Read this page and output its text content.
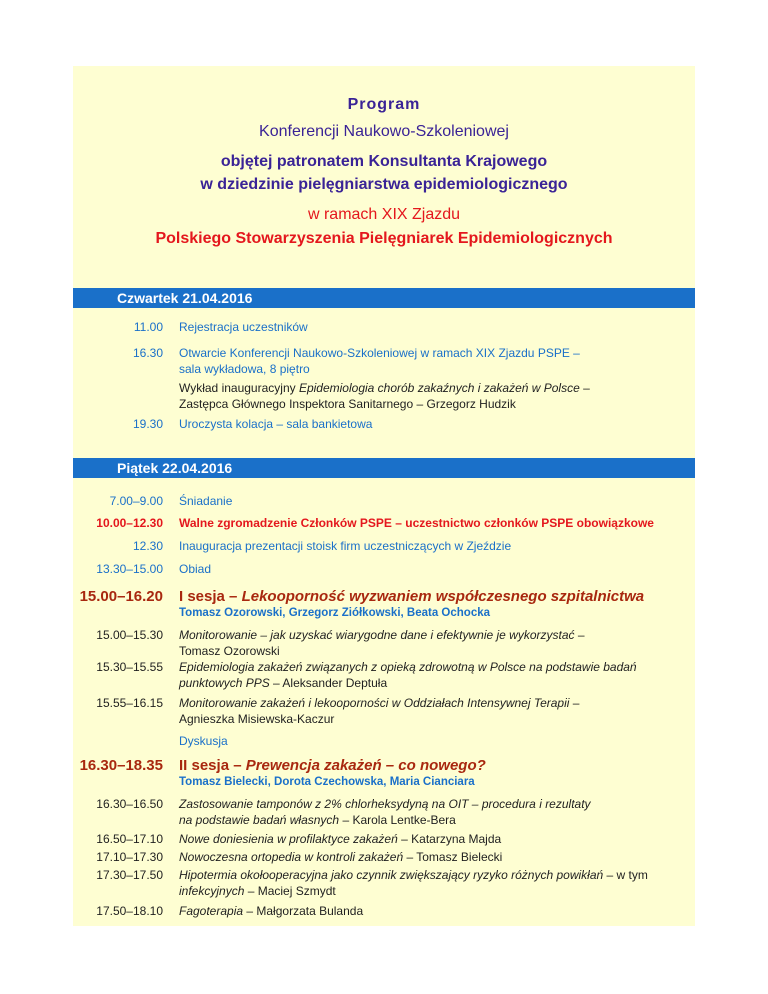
Program
Konferencji Naukowo-Szkoleniowej
objętej patronatem Konsultanta Krajowego
w dziedzinie pielęgniarstwa epidemiologicznego
w ramach XIX Zjazdu
Polskiego Stowarzyszenia Pielęgniarek Epidemiologicznych
Czwartek 21.04.2016
11.00 Rejestracja uczestników
16.30 Otwarcie Konferencji Naukowo-Szkoleniowej w ramach XIX Zjazdu PSPE –
sala wykładowa, 8 piętro
Wykład inauguracyjny Epidemiologia chorób zakaźnych i zakażeń w Polsce –
Zastępca Głównego Inspektora Sanitarnego – Grzegorz Hudzik
19.30 Uroczysta kolacja – sala bankietowa
Piątek 22.04.2016
7.00–9.00 Śniadanie
10.00–12.30 Walne zgromadzenie Członków PSPE – uczestnictwo członków PSPE obowiązkowe
12.30 Inauguracja prezentacji stoisk firm uczestniczących w Zjeździe
13.30–15.00 Obiad
15.00–16.20 I sesja – Lekooporność wyzwaniem współczesnego szpitalnictwa
Tomasz Ozorowski, Grzegorz Ziółkowski, Beata Ochocka
15.00–15.30 Monitorowanie – jak uzyskać wiarygodne dane i efektywnie je wykorzystać –
Tomasz Ozorowski
15.30–15.55 Epidemiologia zakażeń związanych z opieką zdrowotną w Polsce na podstawie badań
punktowych PPS – Aleksander Deptuła
15.55–16.15 Monitorowanie zakażeń i lekooporności w Oddziałach Intensywnej Terapii –
Agnieszka Misiewska-Kaczur
Dyskusja
16.30–18.35 II sesja – Prewencja zakażeń – co nowego?
Tomasz Bielecki, Dorota Czechowska, Maria Cianciara
16.30–16.50 Zastosowanie tamponów z 2% chlorheksydyną na OIT – procedura i rezultaty
na podstawie badań własnych – Karola Lentke-Bera
16.50–17.10 Nowe doniesienia w profilaktyce zakażeń – Katarzyna Majda
17.10–17.30 Nowoczesna ortopedia w kontroli zakażeń – Tomasz Bielecki
17.30–17.50 Hipotermia okołooperacyjna jako czynnik zwiększający ryzyko różnych powikłań – w tym
infekcyjnych – Maciej Szmydt
17.50–18.10 Fagoterapia – Małgorzata Bulanda
